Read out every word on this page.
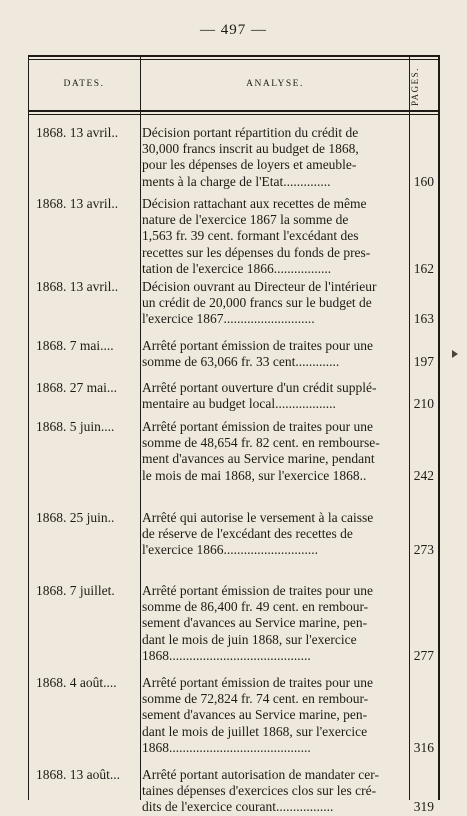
— 497 —
DATES.	ANALYSE.	PAGES.
1868. 13 avril.. Décision portant répartition du crédit de
30,000 francs inscrit au budget de 1868,
pour les dépenses de loyers et ameuble-
ments à la charge de l'Etat..............	160
1868. 13 avril.. Décision rattachant aux recettes de même
nature de l'exercice 1867 la somme de
1,563 fr. 39 cent. formant l'excédant des
recettes sur les dépenses du fonds de pres-
tation de l'exercice 1866.................	162
1868. 13 avril.. Décision ouvrant au Directeur de l'intérieur
un crédit de 20,000 francs sur le budget de
l'exercice 1867...........................	163
1868. 7 mai.... Arrêté portant émission de traites pour une
somme de 63,066 fr. 33 cent.............	197
1868. 27 mai... Arrêté portant ouverture d'un crédit supplé-
mentaire au budget local..................	210
1868. 5 juin.... Arrêté portant émission de traites pour une
somme de 48,654 fr. 82 cent. en rembourse-
ment d'avances au Service marine, pendant
le mois de mai 1868, sur l'exercice 1868..	242
1868. 25 juin.. Arrêté qui autorise le versement à la caisse
de réserve de l'excédant des recettes de
l'exercice 1866............................	273
1868. 7 juillet. Arrêté portant émission de traites pour une
somme de 86,400 fr. 49 cent. en rembour-
sement d'avances au Service marine, pen-
dant le mois de juin 1868, sur l'exercice
1868..........................................	277
1868. 4 août.... Arrêté portant émission de traites pour une
somme de 72,824 fr. 74 cent. en rembour-
sement d'avances au Service marine, pen-
dant le mois de juillet 1868, sur l'exercice
1868..........................................	316
1868. 13 août... Arrêté portant autorisation de mandater cer-
taines dépenses d'exercices clos sur les cré-
dits de l'exercice courant.................	319
